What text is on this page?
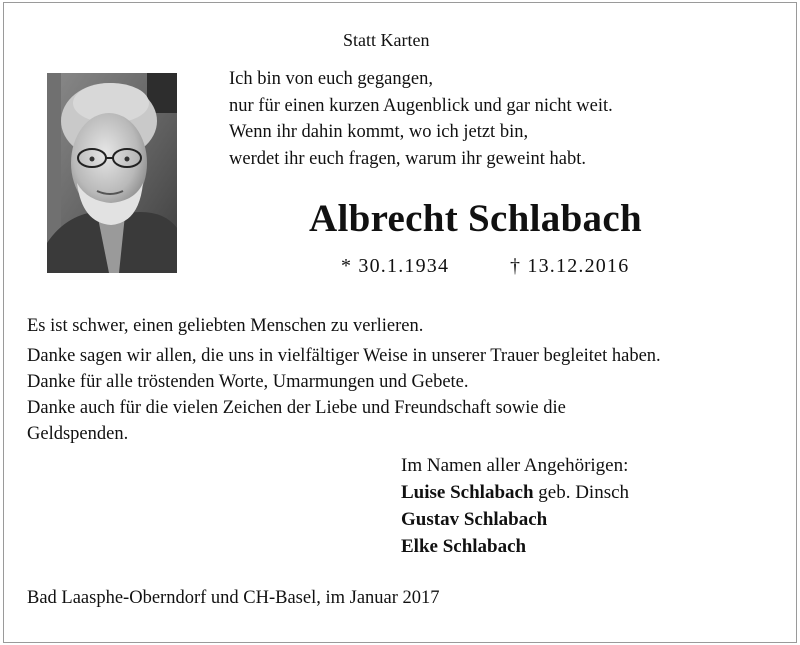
Statt Karten
Ich bin von euch gegangen,
nur für einen kurzen Augenblick und gar nicht weit.
Wenn ihr dahin kommt, wo ich jetzt bin,
werdet ihr euch fragen, warum ihr geweint habt.
Albrecht Schlabach
* 30.1.1934	† 13.12.2016
Es ist schwer, einen geliebten Menschen zu verlieren.
Danke sagen wir allen, die uns in vielfältiger Weise in unserer Trauer begleitet haben.
Danke für alle tröstenden Worte, Umarmungen und Gebete.
Danke auch für die vielen Zeichen der Liebe und Freundschaft sowie die
Geldspenden.
Im Namen aller Angehörigen:
Luise Schlabach geb. Dinsch
Gustav Schlabach
Elke Schlabach
Bad Laasphe-Oberndorf und CH-Basel, im Januar 2017
